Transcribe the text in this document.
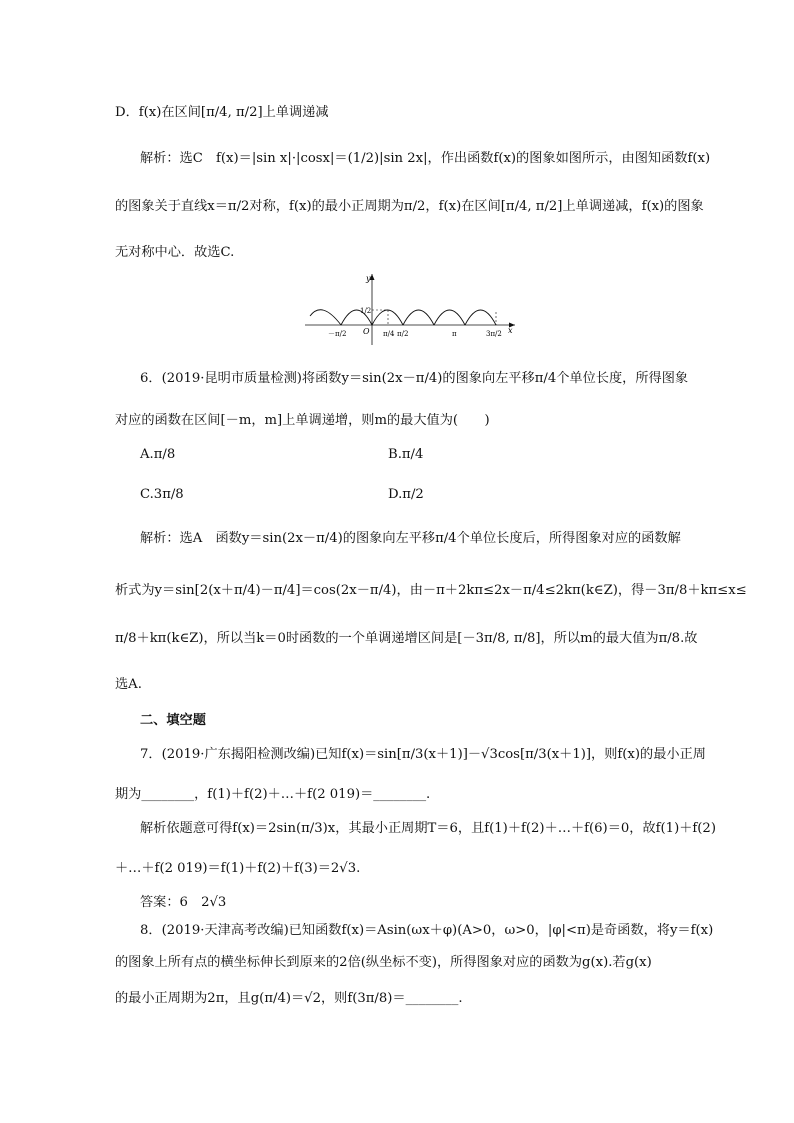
D．f(x)在区间[π/4, π/2]上单调递减
解析：选C　f(x)＝|sin x|·|cosx|＝(1/2)|sin 2x|，作出函数f(x)的图象如图所示，由图知函数f(x)
的图象关于直线x＝π/2对称，f(x)的最小正周期为π/2，f(x)在区间[π/4, π/2]上单调递减，f(x)的图象
无对称中心．故选C.
y
x
O
1/2
－π/2	π/4 π/2	π	3π/2
6．(2019·昆明市质量检测)将函数y＝sin(2x－π/4)的图象向左平移π/4个单位长度，所得图象
对应的函数在区间[－m，m]上单调递增，则m的最大值为(　　)
A.π/8	B.π/4
C.3π/8	D.π/2
解析：选A　函数y＝sin(2x－π/4)的图象向左平移π/4个单位长度后，所得图象对应的函数解
析式为y＝sin[2(x＋π/4)－π/4]＝cos(2x－π/4)，由－π＋2kπ≤2x－π/4≤2kπ(k∈Z)，得－3π/8＋kπ≤x≤
π/8＋kπ(k∈Z)，所以当k＝0时函数的一个单调递增区间是[－3π/8, π/8]，所以m的最大值为π/8.故
选A.
二、填空题
7．(2019·广东揭阳检测改编)已知f(x)＝sin[π/3(x＋1)]－√3cos[π/3(x＋1)]，则f(x)的最小正周
期为________，f(1)＋f(2)＋…＋f(2 019)＝________.
解析依题意可得f(x)＝2sin(π/3)x，其最小正周期T＝6，且f(1)＋f(2)＋…＋f(6)＝0，故f(1)＋f(2)
＋…＋f(2 019)＝f(1)＋f(2)＋f(3)＝2√3.
答案：6　2√3
8．(2019·天津高考改编)已知函数f(x)＝Asin(ωx＋φ)(A>0，ω>0，|φ|<π)是奇函数，将y＝f(x)
的图象上所有点的横坐标伸长到原来的2倍(纵坐标不变)，所得图象对应的函数为g(x).若g(x)
的最小正周期为2π，且g(π/4)＝√2，则f(3π/8)＝________.
